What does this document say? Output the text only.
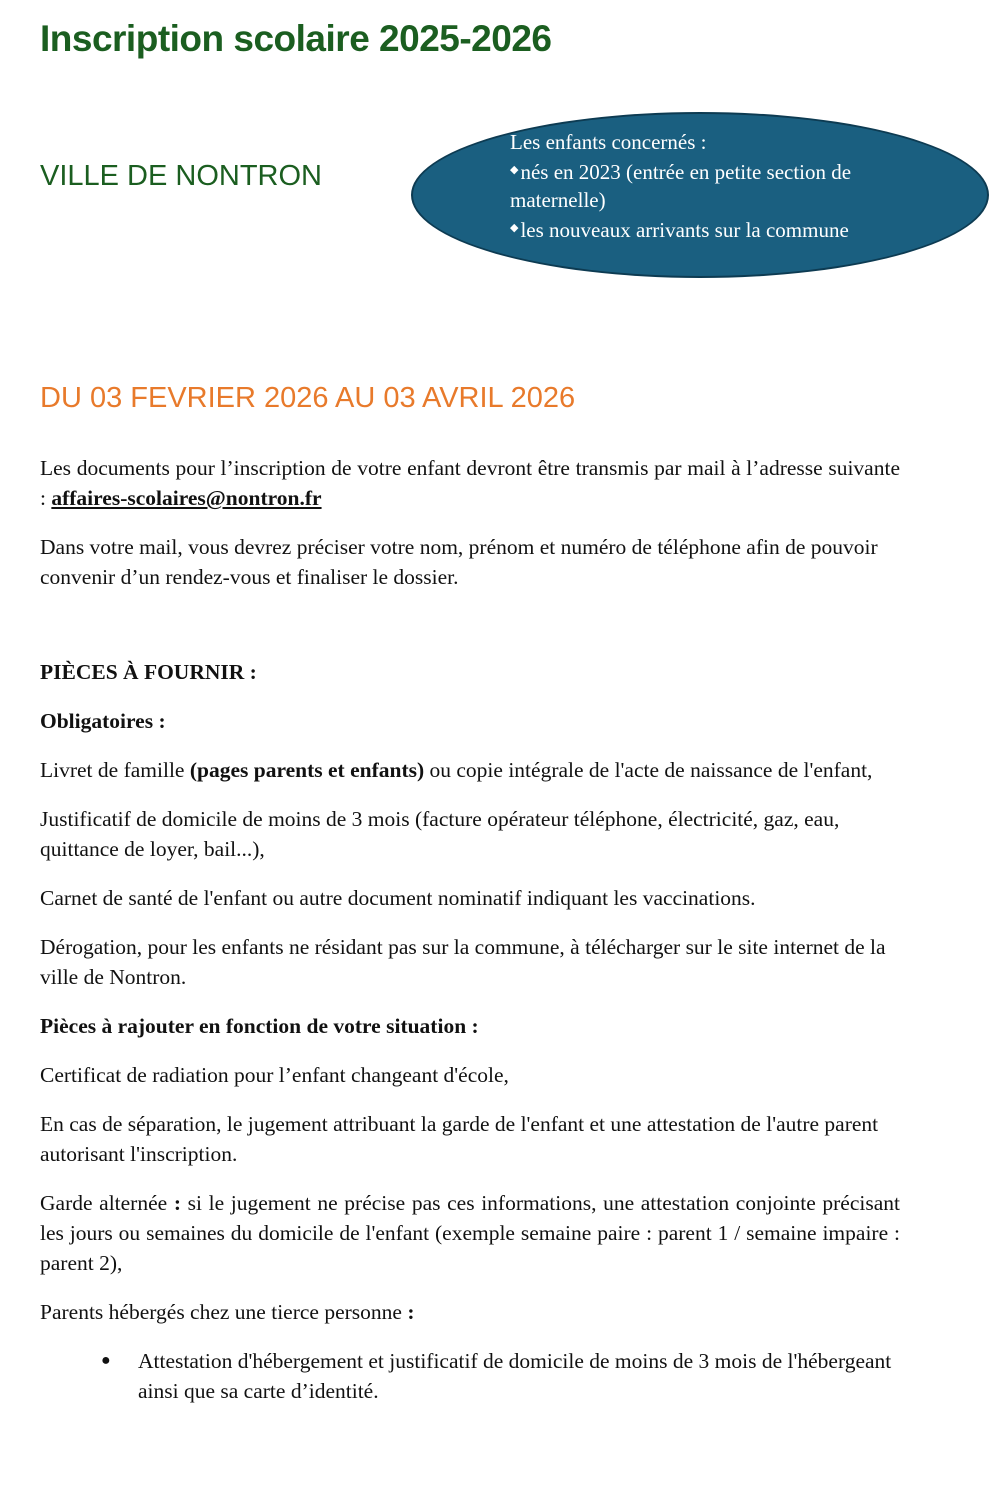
Inscription scolaire 2025-2026
VILLE DE NONTRON
Les enfants concernés :
◆nés en 2023 (entrée en petite section de maternelle)
◆les nouveaux arrivants sur la commune
DU 03 FEVRIER 2026 AU 03 AVRIL 2026

Les documents pour l’inscription de votre enfant devront être transmis par mail à l’adresse suivante : affaires-scolaires@nontron.fr

Dans votre mail, vous devrez préciser votre nom, prénom et numéro de téléphone afin de pouvoir convenir d’un rendez-vous et finaliser le dossier.

PIÈCES À FOURNIR :

Obligatoires :

Livret de famille (pages parents et enfants) ou copie intégrale de l'acte de naissance de l'enfant,

Justificatif de domicile de moins de 3 mois (facture opérateur téléphone, électricité, gaz, eau, quittance de loyer, bail...),

Carnet de santé de l'enfant ou autre document nominatif indiquant les vaccinations.

Dérogation, pour les enfants ne résidant pas sur la commune, à télécharger sur le site internet de la ville de Nontron.

Pièces à rajouter en fonction de votre situation :

Certificat de radiation pour l’enfant changeant d'école,

En cas de séparation, le jugement attribuant la garde de l'enfant et une attestation de l'autre parent autorisant l'inscription.

Garde alternée : si le jugement ne précise pas ces informations, une attestation conjointe précisant les jours ou semaines du domicile de l'enfant (exemple semaine paire : parent 1 / semaine impaire : parent 2),

Parents hébergés chez une tierce personne :

● Attestation d'hébergement et justificatif de domicile de moins de 3 mois de l'hébergeant ainsi que sa carte d’identité.
